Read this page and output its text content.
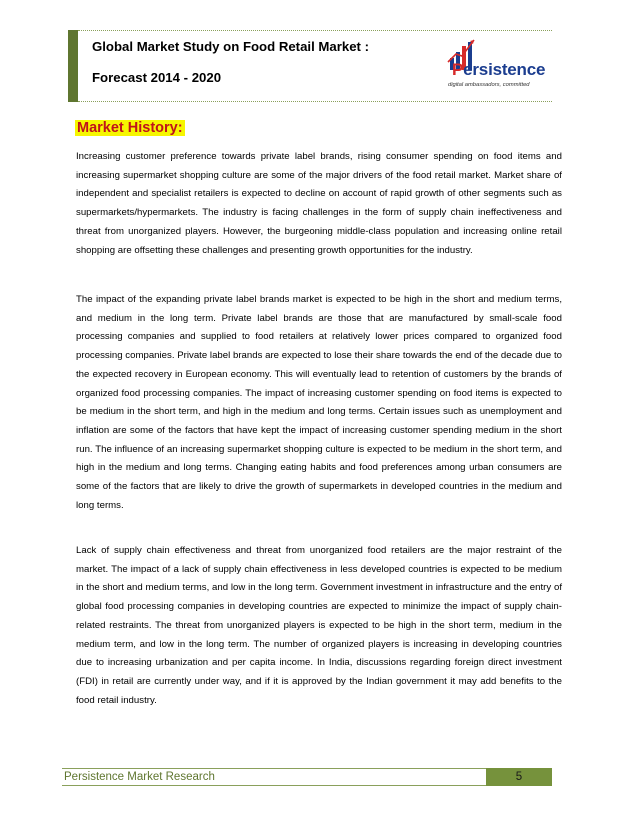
Global Market Study on Food Retail Market :
Forecast 2014 - 2020	Persistence
digital ambassadors, committed
Market History:

Increasing customer preference towards private label brands, rising consumer spending on food items and increasing supermarket shopping culture are some of the major drivers of the food retail market. Market share of independent and specialist retailers is expected to decline on account of rapid growth of other segments such as supermarkets/hypermarkets. The industry is facing challenges in the form of supply chain ineffectiveness and threat from unorganized players. However, the burgeoning middle-class population and increasing online retail shopping are offsetting these challenges and presenting growth opportunities for the industry.

The impact of the expanding private label brands market is expected to be high in the short and medium terms, and medium in the long term. Private label brands are those that are manufactured by small-scale food processing companies and supplied to food retailers at relatively lower prices compared to organized food processing companies. Private label brands are expected to lose their share towards the end of the decade due to the expected recovery in European economy. This will eventually lead to retention of customers by the brands of organized food processing companies. The impact of increasing customer spending on food items is expected to be medium in the short term, and high in the medium and long terms. Certain issues such as unemployment and inflation are some of the factors that have kept the impact of increasing customer spending medium in the short run. The influence of an increasing supermarket shopping culture is expected to be medium in the short term, and high in the medium and long terms. Changing eating habits and food preferences among urban consumers are some of the factors that are likely to drive the growth of supermarkets in developed countries in the medium and long terms.

Lack of supply chain effectiveness and threat from unorganized food retailers are the major restraint of the market. The impact of a lack of supply chain effectiveness in less developed countries is expected to be medium in the short and medium terms, and low in the long term. Government investment in infrastructure and the entry of global food processing companies in developing countries are expected to minimize the impact of supply chain-related restraints. The threat from unorganized players is expected to be high in the short term, medium in the medium term, and low in the long term. The number of organized players is increasing in developing countries due to increasing urbanization and per capita income. In India, discussions regarding foreign direct investment (FDI) in retail are currently under way, and if it is approved by the Indian government it may add benefits to the food retail industry.

Persistence Market Research	5
